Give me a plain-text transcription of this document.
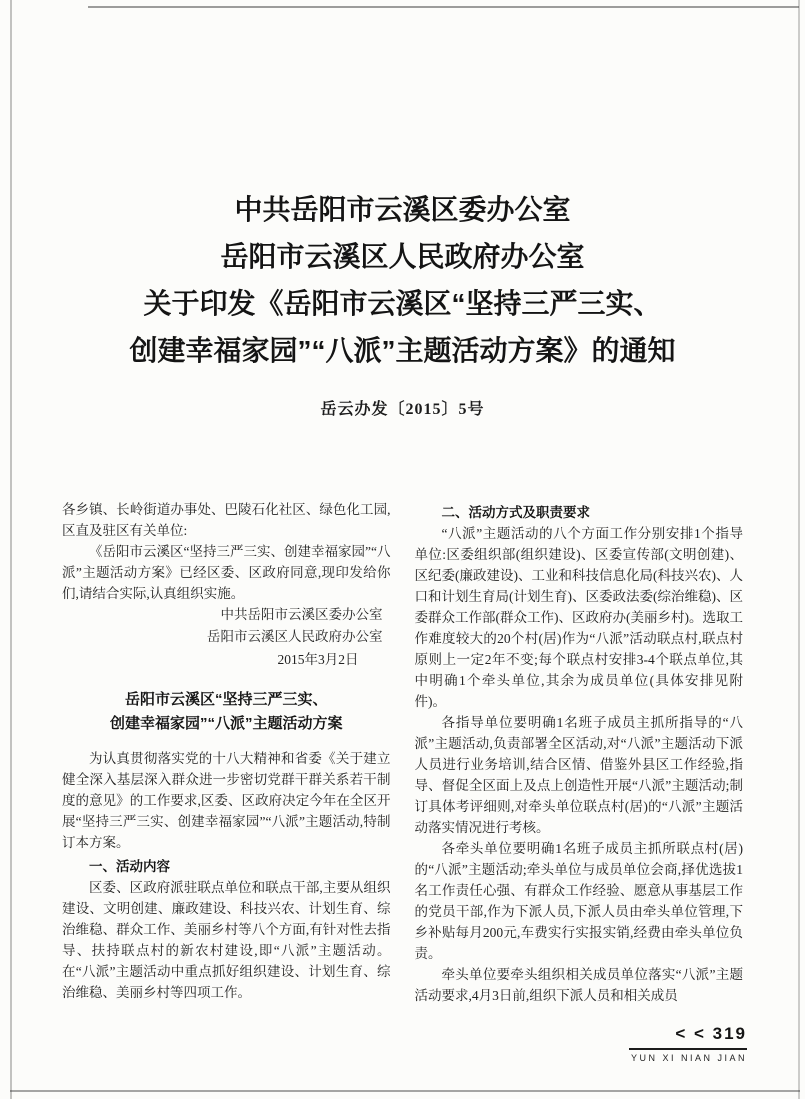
中共岳阳市云溪区委办公室
岳阳市云溪区人民政府办公室
关于印发《岳阳市云溪区“坚持三严三实、
创建幸福家园”“八派”主题活动方案》的通知
岳云办发〔2015〕5号

各乡镇、长岭街道办事处、巴陵石化社区、绿色化工园,区直及驻区有关单位:

《岳阳市云溪区“坚持三严三实、创建幸福家园”“八派”主题活动方案》已经区委、区政府同意,现印发给你们,请结合实际,认真组织实施。

中共岳阳市云溪区委办公室

岳阳市云溪区人民政府办公室

2015年3月2日

岳阳市云溪区“坚持三严三实、
创建幸福家园”“八派”主题活动方案

为认真贯彻落实党的十八大精神和省委《关于建立健全深入基层深入群众进一步密切党群干群关系若干制度的意见》的工作要求,区委、区政府决定今年在全区开展“坚持三严三实、创建幸福家园”“八派”主题活动,特制订本方案。

一、活动内容

区委、区政府派驻联点单位和联点干部,主要从组织建设、文明创建、廉政建设、科技兴农、计划生育、综治维稳、群众工作、美丽乡村等八个方面,有针对性去指导、扶持联点村的新农村建设,即“八派”主题活动。在“八派”主题活动中重点抓好组织建设、计划生育、综治维稳、美丽乡村等四项工作。

二、活动方式及职责要求

“八派”主题活动的八个方面工作分别安排1个指导单位:区委组织部(组织建设)、区委宣传部(文明创建)、区纪委(廉政建设)、工业和科技信息化局(科技兴农)、人口和计划生育局(计划生育)、区委政法委(综治维稳)、区委群众工作部(群众工作)、区政府办(美丽乡村)。选取工作难度较大的20个村(居)作为“八派”活动联点村,联点村原则上一定2年不变;每个联点村安排3-4个联点单位,其中明确1个牵头单位,其余为成员单位(具体安排见附件)。

各指导单位要明确1名班子成员主抓所指导的“八派”主题活动,负责部署全区活动,对“八派”主题活动下派人员进行业务培训,结合区情、借鉴外县区工作经验,指导、督促全区面上及点上创造性开展“八派”主题活动;制订具体考评细则,对牵头单位联点村(居)的“八派”主题活动落实情况进行考核。

各牵头单位要明确1名班子成员主抓所联点村(居)的“八派”主题活动;牵头单位与成员单位会商,择优选拔1名工作责任心强、有群众工作经验、愿意从事基层工作的党员干部,作为下派人员,下派人员由牵头单位管理,下乡补贴每月200元,车费实行实报实销,经费由牵头单位负责。

牵头单位要牵头组织相关成员单位落实“八派”主题活动要求,4月3日前,组织下派人员和相关成员

< < 319
YUN XI NIAN JIAN
